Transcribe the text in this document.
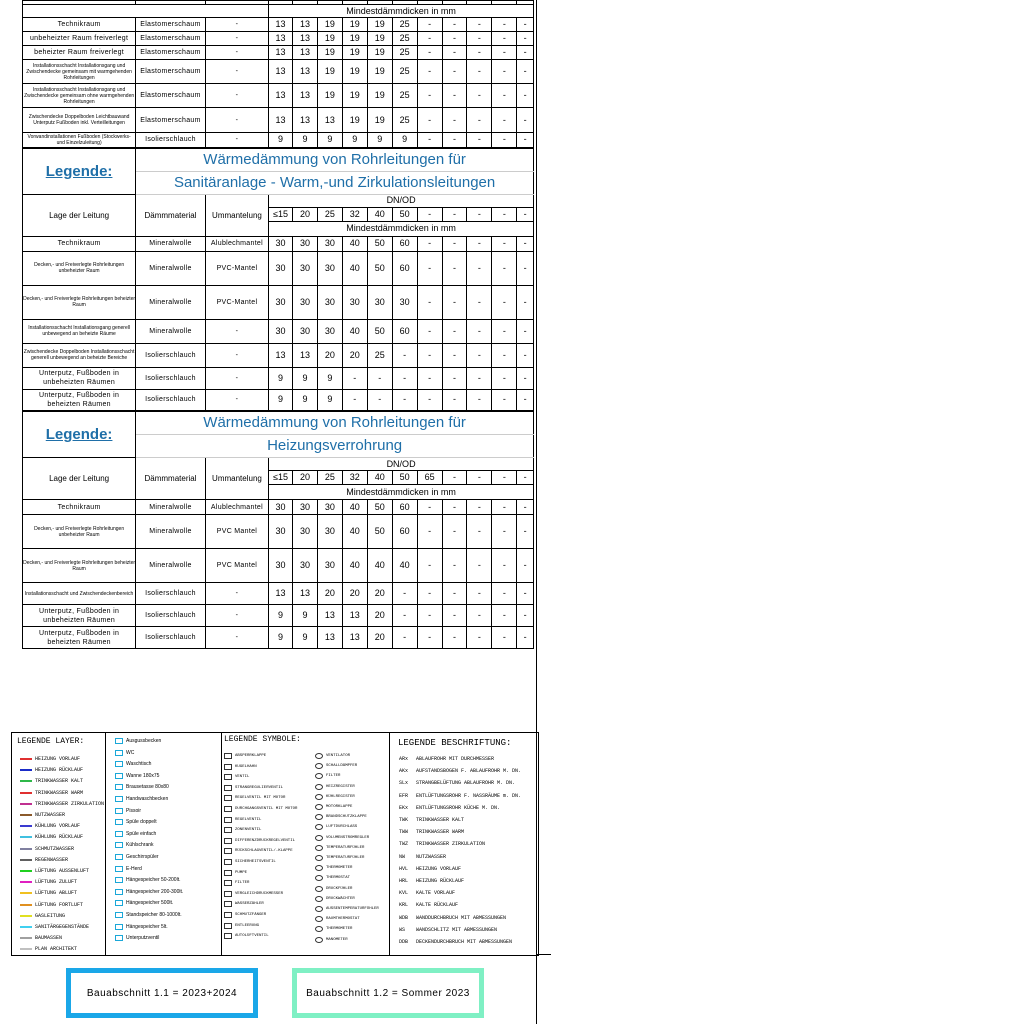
			Mindestdämmdicken in mm										
Technikraum	Elastomerschaum	-	13	13	19	19	19	25	-	-	-	-	-
unbeheizter Raum freiverlegt	Elastomerschaum	-	13	13	19	19	19	25	-	-	-	-	-
beheizter Raum freiverlegt	Elastomerschaum	-	13	13	19	19	19	25	-	-	-	-	-
Installationsschacht Installationsgang und Zwischendecke gemeinsam mit warmgehenden Rohrleitungen	Elastomerschaum	-	13	13	19	19	19	25	-	-	-	-	-
Installationsschacht Installationsgang und Zwischendecke gemeinsam ohne warmgehenden Rohrleitungen	Elastomerschaum	-	13	13	19	19	19	25	-	-	-	-	-
Zwischendecke Doppelboden Leichtbauwand Unterputz Fußboden inkl. Verteilleitungen	Elastomerschaum	-	13	13	13	19	19	25	-	-	-	-	-
Vorwandinstallationen Fußboden (Stockwerks- und Einzelzuleitung)	Isolierschlauch	-	9	9	9	9	9	9	-	-	-	-	-
Legende:	Wärmedämmung von Rohrleitungen für												
	Sanitäranlage - Warm,-und Zirkulationsleitungen												
Lage der Leitung	Dämmmaterial	Ummantelung	DN/OD										
			≤15	20	25	32	40	50	-	-	-	-	-
			Mindestdämmdicken in mm										
Technikraum	Mineralwolle	Alublechmantel	30	30	30	40	50	60	-	-	-	-	-
Decken,- und Freiverlegte Rohrleitungen unbeheizter Raum	Mineralwolle	PVC-Mantel	30	30	30	40	50	60	-	-	-	-	-
Decken,- und Freiverlegte Rohrleitungen beheizter Raum	Mineralwolle	PVC-Mantel	30	30	30	30	30	30	-	-	-	-	-
Installationsschacht Installationsgang generell unbewegend an beheizte Räume	Mineralwolle	-	30	30	30	40	50	60	-	-	-	-	-
Zwischendecke Doppelboden Installationsschacht generell unbewegend an beheizte Bereiche	Isolierschlauch	-	13	13	20	20	25	-	-	-	-	-	-
Unterputz, Fußboden in unbeheizten Räumen	Isolierschlauch	-	9	9	9	-	-	-	-	-	-	-	-
Unterputz, Fußboden in beheizten Räumen	Isolierschlauch	-	9	9	9	-	-	-	-	-	-	-	-
Legende:	Wärmedämmung von Rohrleitungen für												
	Heizungsverrohrung												
Lage der Leitung	Dämmmaterial	Ummantelung	DN/OD										
			≤15	20	25	32	40	50	65	-	-	-	-
			Mindestdämmdicken in mm										
Technikraum	Mineralwolle	Alublechmantel	30	30	30	40	50	60	-	-	-	-	-
Decken,- und Freiverlegte Rohrleitungen unbeheizter Raum	Mineralwolle	PVC Mantel	30	30	30	40	50	60	-	-	-	-	-
Decken,- und Freiverlegte Rohrleitungen beheizter Raum	Mineralwolle	PVC Mantel	30	30	30	40	40	40	-	-	-	-	-
Installationsschacht und Zwischendeckenbereich	Isolierschlauch	-	13	13	20	20	20	-	-	-	-	-	-
Unterputz, Fußboden in unbeheizten Räumen	Isolierschlauch	-	9	9	13	13	20	-	-	-	-	-	-
Unterputz, Fußboden in beheizten Räumen	Isolierschlauch	-	9	9	13	13	20	-	-	-	-	-	-
LEGENDE LAYER:	LEGENDE SYMBOLE:	LEGENDE BESCHRIFTUNG:
HEIZUNG VORLAUF
HEIZUNG RÜCKLAUF
TRINKWASSER KALT
TRINKWASSER WARM
TRINKWASSER ZIRKULATION
NUTZWASSER
KÜHLUNG VORLAUF
KÜHLUNG RÜCKLAUF
SCHMUTZWASSER
REGENWASSER
LÜFTUNG AUSSENLUFT
LÜFTUNG ZULUFT
LÜFTUNG ABLUFT
LÜFTUNG FORTLUFT
GASLEITUNG
SANITÄRGEGENSTÄNDE
BAUMASSEN
PLAN ARCHITEKT
Ausgussbecken
WC
Waschtisch
Wanne 180x75
Brausetasse 80x80
Handwaschbecken
Pissoir
Spüle doppelt
Spüle einfach
Kühlschrank
Geschirrspüler
E-Herd
Hängespeicher 50-200lt.
Hängespeicher 200-300lt.
Hängespeicher 500lt.
Standspeicher 80-1000lt.
Hängespeicher 5lt.
Unterputzventil
ABSPERRKLAPPE
KUGELHAHN
VENTIL
STRANGREGULIERVENTIL
REGELVENTIL MIT MOTOR
DURCHGANGSVENTIL MIT MOTOR
REGELVENTIL
ZONENVENTIL
DIFFERENZDRUCKREGELVENTIL
RÜCKSCHLAGVENTIL/-KLAPPE
SICHERHEITSVENTIL
PUMPE
FILTER
VERGLEICHDRUCKMESSER
WASSERZÄHLER
SCHMUTZFÄNGER
ENTLEERUNG
AUTOLÜFTVENTIL
VENTILATOR
SCHALLDÄMPFER
FILTER
HEIZREGISTER
KÜHLREGISTER
MOTORKLAPPE
BRANDSCHUTZKLAPPE
LUFTDURCHLASS
VOLUMENSTROMREGLER
TEMPERATURFÜHLER
TEMPERATURFÜHLER
THERMOMETER
THERMOSTAT
DRUCKFÜHLER
DRUCKWÄCHTER
AUSSENTEMPERATURFÜHLER
RAUMTHERMOSTAT
THERMOMETER
MANOMETER
ARx	ABLAUFROHR MIT DURCHMESSER
AKx	AUFSTANDSBOGEN F. ABLAUFROHR M. DN.
SLx	STRANGBELÜFTUNG ABLAUFROHR M. DN.
EFR	ENTLÜFTUNGSROHR F. NASSRÄUME m. DN.
EKx	ENTLÜFTUNGSROHR KÜCHE M. DN.
TWK	TRINKWASSER KALT
TWW	TRINKWASSER WARM
TWZ	TRINKWASSER ZIRKULATION
NW	NUTZWASSER
HVL	HEIZUNG VORLAUF
HRL	HEIZUNG RÜCKLAUF
KVL	KALTE VORLAUF
KRL	KALTE RÜCKLAUF
WDB	WANDDURCHBRUCH MIT ABMESSUNGEN
WS	WANDSCHLITZ MIT ABMESSUNGEN
DDB	DECKENDURCHBRUCH MIT ABMESSUNGEN
Bauabschnitt 1.1 = 2023+2024	Bauabschnitt 1.2 = Sommer 2023
